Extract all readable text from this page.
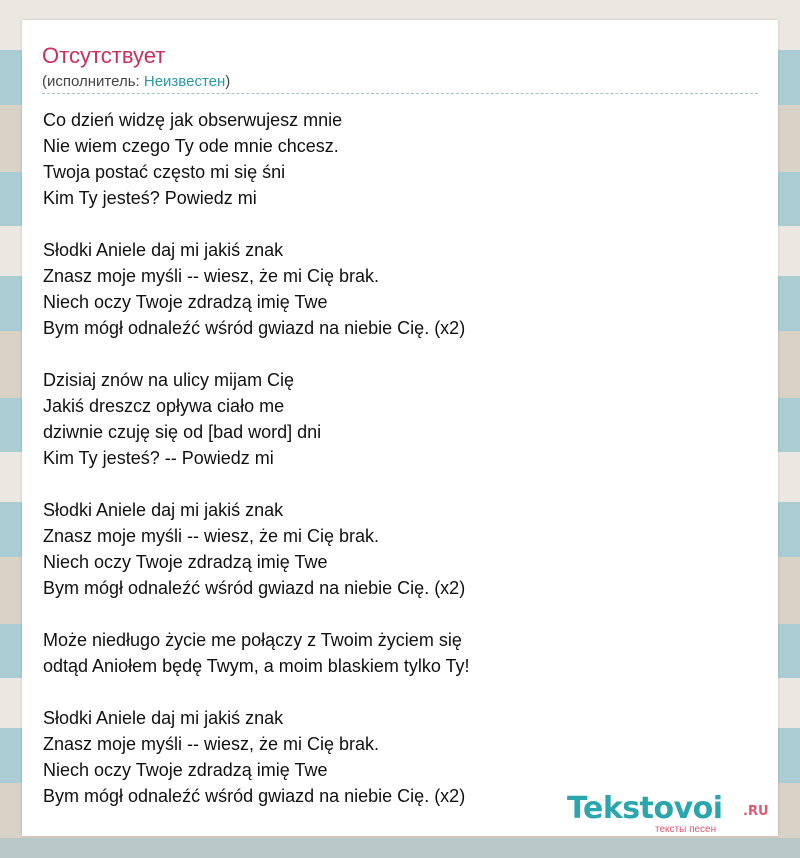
Отсутствует
(исполнитель: Неизвестен)
Co dzień widzę jak obserwujesz mnie
Nie wiem czego Ty ode mnie chcesz.
Twoja postać często mi się śni
Kim Ty jesteś? Powiedz mi
Słodki Aniele daj mi jakiś znak
Znasz moje myśli -- wiesz, że mi Cię brak.
Niech oczy Twoje zdradzą imię Twe
Bym mógł odnaleźć wśród gwiazd na niebie Cię. (x2)
Dzisiaj znów na ulicy mijam Cię
Jakiś dreszcz opływa ciało me
dziwnie czuję się od [bad word] dni
Kim Ty jesteś? -- Powiedz mi
Słodki Aniele daj mi jakiś znak
Znasz moje myśli -- wiesz, że mi Cię brak.
Niech oczy Twoje zdradzą imię Twe
Bym mógł odnaleźć wśród gwiazd na niebie Cię. (x2)
Może niedługo życie me połączy z Twoim życiem się
odtąd Aniołem będę Twym, a moim blaskiem tylko Ty!
Słodki Aniele daj mi jakiś znak
Znasz moje myśli -- wiesz, że mi Cię brak.
Niech oczy Twoje zdradzą imię Twe
Bym mógł odnaleźć wśród gwiazd na niebie Cię. (x2)	Tekstovoi .RU
тексты песен
